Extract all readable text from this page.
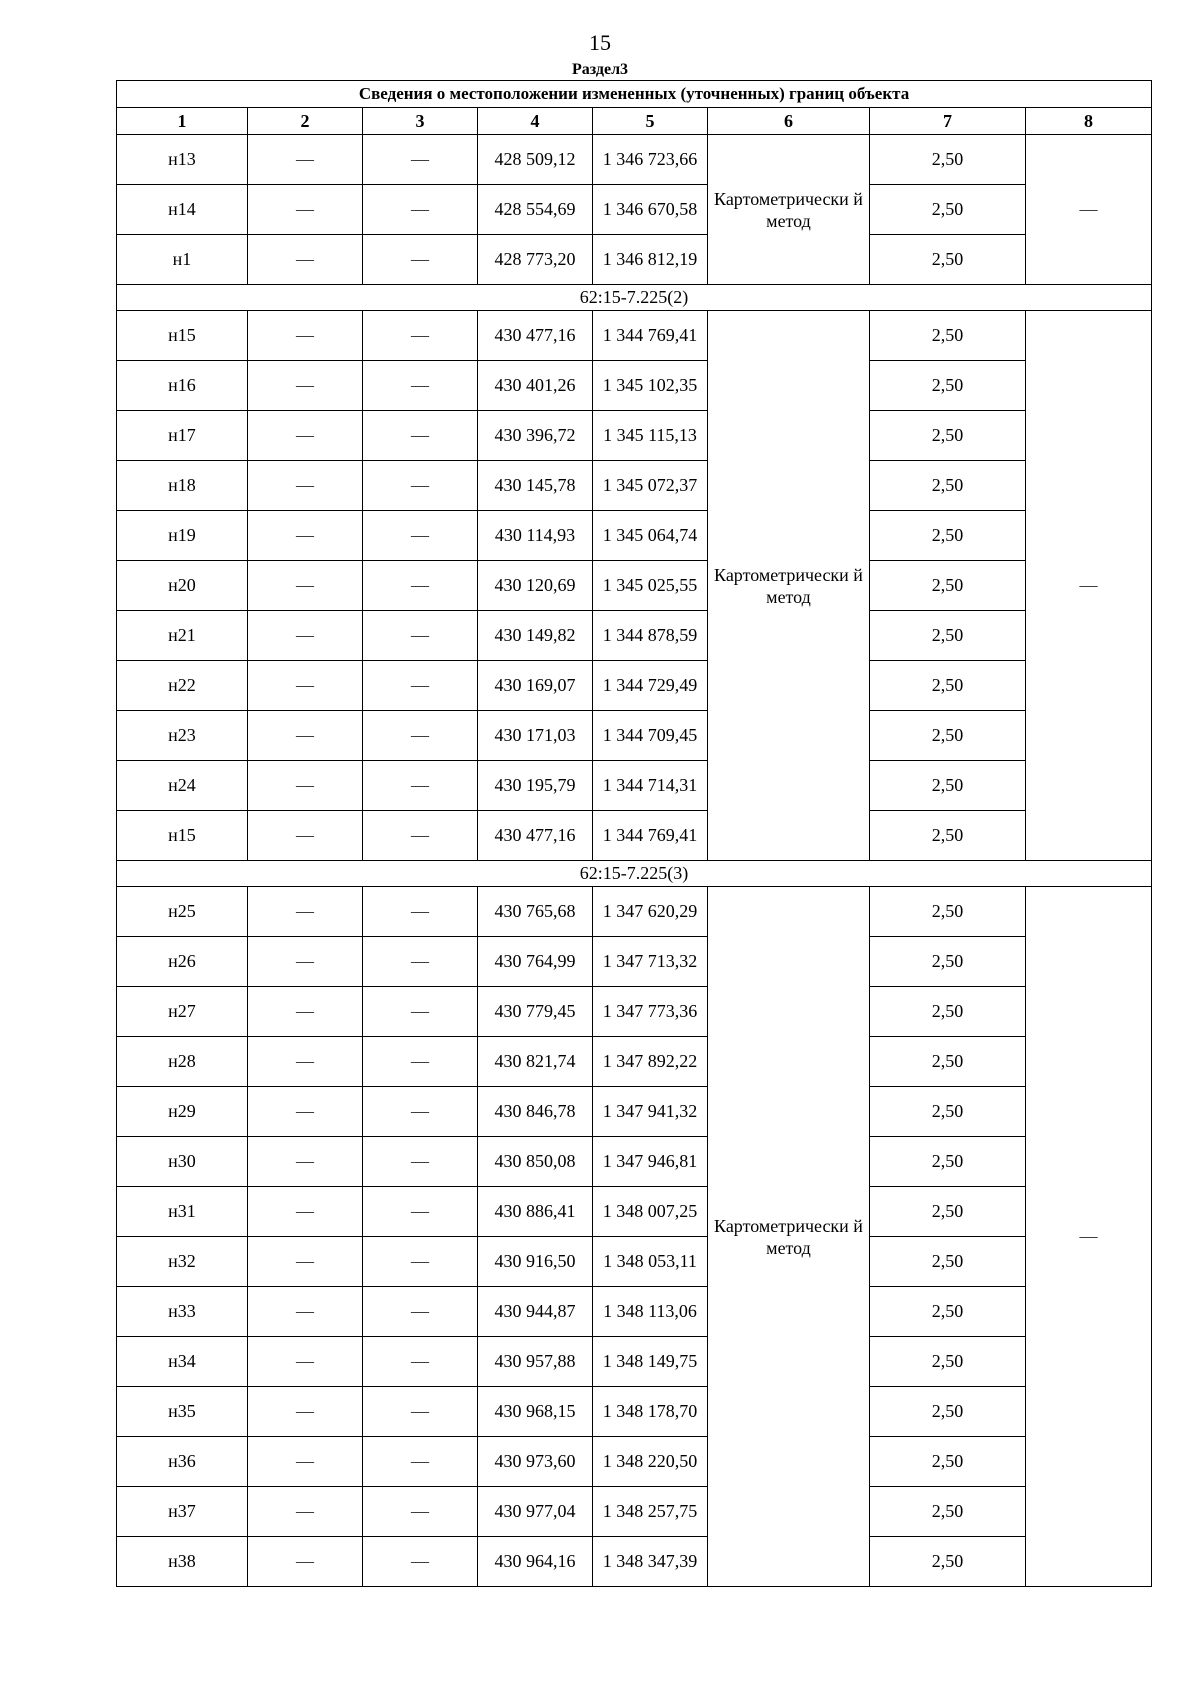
15
Раздел3
Сведения о местоположении измененных (уточненных) границ объекта							
1	2	3	4	5	6	7	8
н13	—	—	428 509,12	1 346 723,66	Картометрически й метод	2,50	—
н14	—	—	428 554,69	1 346 670,58		2,50	
н1	—	—	428 773,20	1 346 812,19		2,50	
62:15-7.225(2)							
н15	—	—	430 477,16	1 344 769,41	Картометрически й метод	2,50	—
н16	—	—	430 401,26	1 345 102,35		2,50	
н17	—	—	430 396,72	1 345 115,13		2,50	
н18	—	—	430 145,78	1 345 072,37		2,50	
н19	—	—	430 114,93	1 345 064,74		2,50	
н20	—	—	430 120,69	1 345 025,55		2,50	
н21	—	—	430 149,82	1 344 878,59		2,50	
н22	—	—	430 169,07	1 344 729,49		2,50	
н23	—	—	430 171,03	1 344 709,45		2,50	
н24	—	—	430 195,79	1 344 714,31		2,50	
н15	—	—	430 477,16	1 344 769,41		2,50	
62:15-7.225(3)							
н25	—	—	430 765,68	1 347 620,29	Картометрически й метод	2,50	—
н26	—	—	430 764,99	1 347 713,32		2,50	
н27	—	—	430 779,45	1 347 773,36		2,50	
н28	—	—	430 821,74	1 347 892,22		2,50	
н29	—	—	430 846,78	1 347 941,32		2,50	
н30	—	—	430 850,08	1 347 946,81		2,50	
н31	—	—	430 886,41	1 348 007,25		2,50	
н32	—	—	430 916,50	1 348 053,11		2,50	
н33	—	—	430 944,87	1 348 113,06		2,50	
н34	—	—	430 957,88	1 348 149,75		2,50	
н35	—	—	430 968,15	1 348 178,70		2,50	
н36	—	—	430 973,60	1 348 220,50		2,50	
н37	—	—	430 977,04	1 348 257,75		2,50	
н38	—	—	430 964,16	1 348 347,39		2,50	
